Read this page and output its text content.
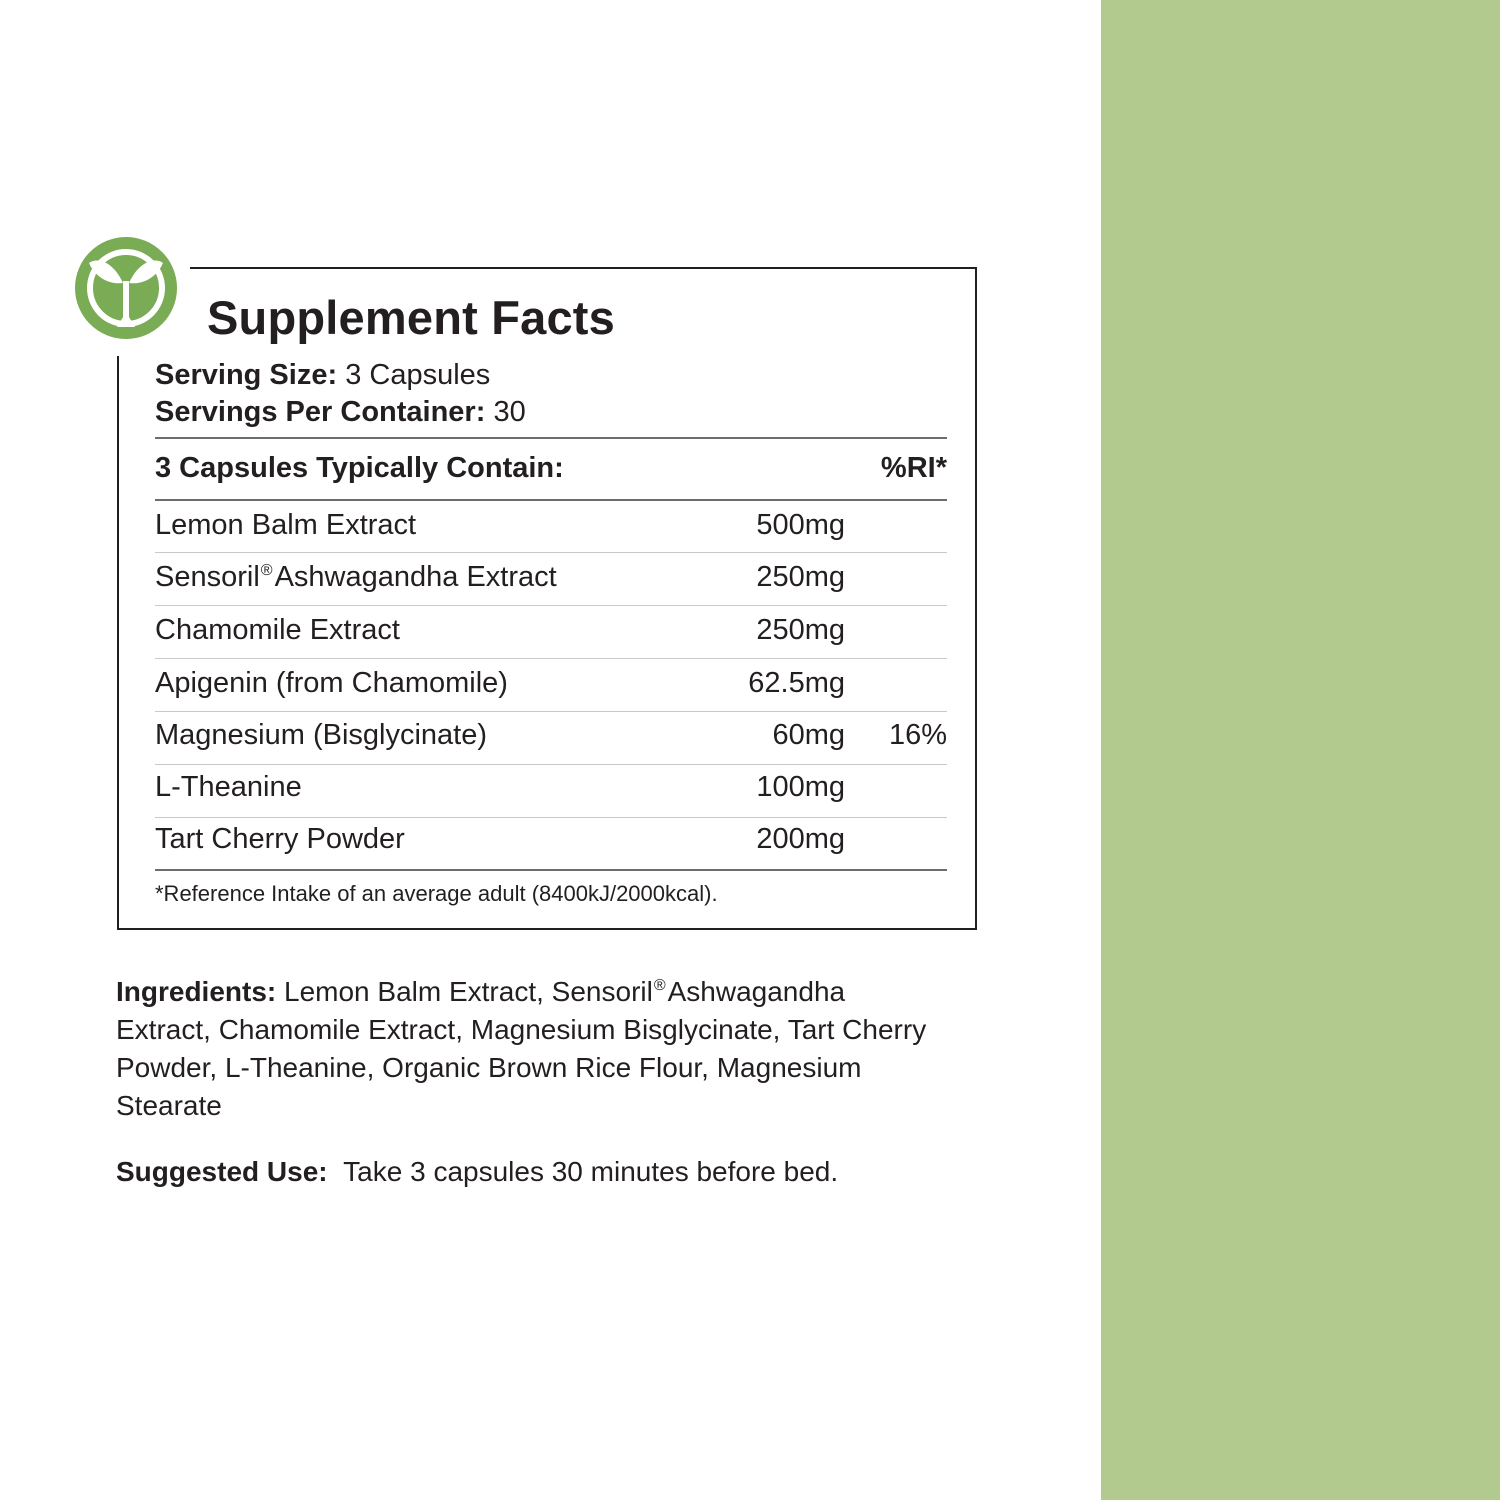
Supplement Facts
Serving Size: 3 Capsules
Servings Per Container: 30
3 Capsules Typically Contain:	%RI*
Lemon Balm Extract	500mg
Sensoril®Ashwagandha Extract	250mg
Chamomile Extract	250mg
Apigenin (from Chamomile)	62.5mg
Magnesium (Bisglycinate)	60mg 16%
L-Theanine	100mg
Tart Cherry Powder	200mg
*Reference Intake of an average adult (8400kJ/2000kcal).

Ingredients: Lemon Balm Extract, Sensoril®Ashwagandha Extract, Chamomile Extract, Magnesium Bisglycinate, Tart Cherry Powder, L-Theanine, Organic Brown Rice Flour, Magnesium Stearate

Suggested Use: Take 3 capsules 30 minutes before bed.
